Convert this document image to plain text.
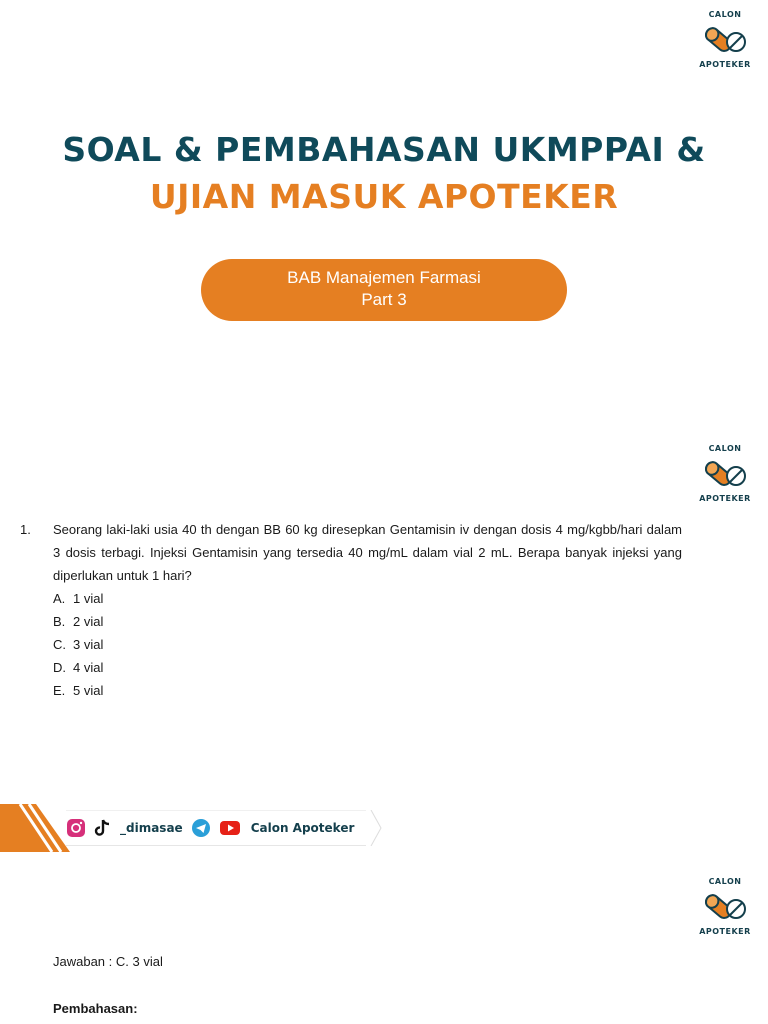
CALON
APOTEKER
SOAL & PEMBAHASAN UKMPPAI &
UJIAN MASUK APOTEKER
BAB Manajemen Farmasi
Part 3
CALON
APOTEKER
1. Seorang laki-laki usia 40 th dengan BB 60 kg diresepkan Gentamisin iv dengan dosis 4 mg/kgbb/hari dalam 3 dosis terbagi. Injeksi Gentamisin yang tersedia 40 mg/mL dalam vial 2 mL. Berapa banyak injeksi yang diperlukan untuk 1 hari?
A. 1 vial
B. 2 vial
C. 3 vial
D. 4 vial
E. 5 vial
_dimasae	Calon Apoteker
CALON
APOTEKER
Jawaban : C. 3 vial
Pembahasan:
